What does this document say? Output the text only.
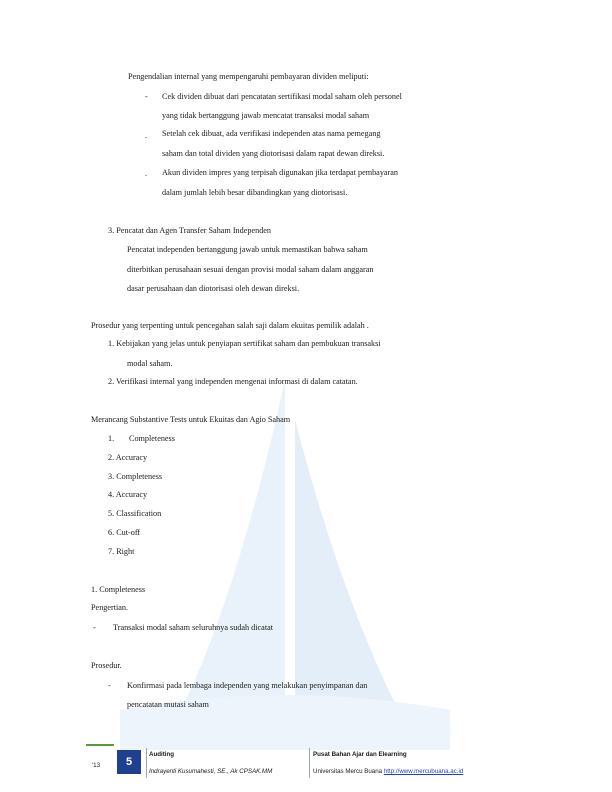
Pengendalian internal yang mempengaruhi pembayaran dividen meliputi:
- Cek dividen dibuat dari pencatatan sertifikasi modal saham oleh personel
yang tidak bertanggung jawab mencatat transaksi modal saham
. Setelah cek dibuat, ada verifikasi independen atas nama pemegang
saham dan total dividen yang diotorisasi dalam rapat dewan direksi.
. Akun dividen impres yang terpisah digunakan jika terdapat pembayaran
dalam jumlah lebih besar dibandingkan yang diotorisasi.
3. Pencatat dan Agen Transfer Saham Independen
Pencatat independen bertanggung jawab untuk memastikan bahwa saham
diterbitkan perusahaan sesuai dengan provisi modal saham dalam anggaran
dasar perusahaan dan diotorisasi oleh dewan direksi.
Prosedur yang terpenting untuk pencegahan salah saji dalam ekuitas pemilik adalah .
1. Kebijakan yang jelas untuk penyiapan sertifikat saham dan pembukuan transaksi
modal saham.
2. Verifikasi internal yang independen mengenai informasi di dalam catatan.
Merancang Substantive Tests untuk Ekuitas dan Agio Saham
1. Completeness
2. Accuracy
3. Completeness
4. Accuracy
5. Classification
6. Cut-off
7. Right
1. Completeness
Pengertian.
- Transaksi modal saham seluruhnya sudah dicatat
Prosedur.
- Konfirmasi pada lembaga independen yang melakukan penyimpanan dan
pencatatan mutasi saham
'13	5
Auditing
Indrayenti Kusumahesti, SE., Ak CPSAK.MM
Pusat Bahan Ajar dan Elearning
Universitas Mercu Buana http://www.mercubuana.ac.id
